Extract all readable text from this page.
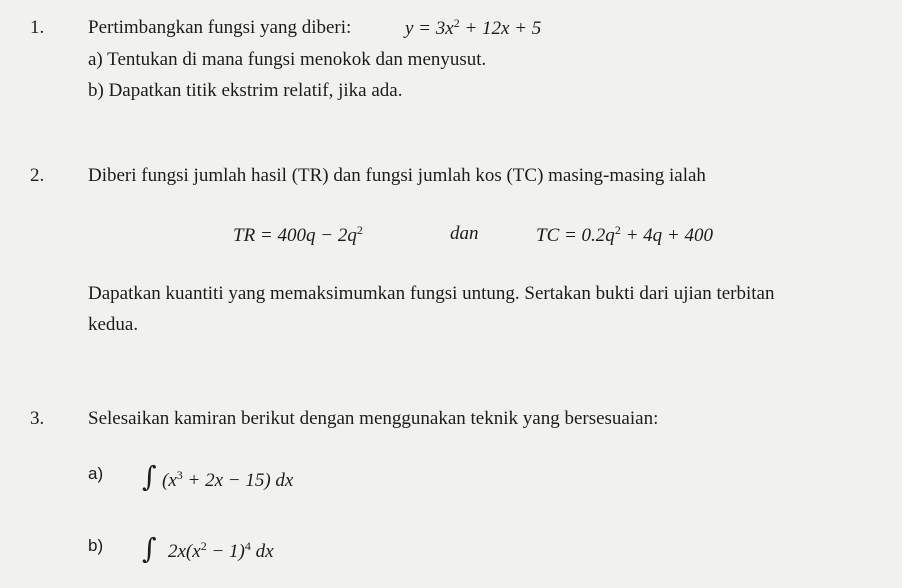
1. Pertimbangkan fungsi yang diberi:	$y = 3x^2 + 12x + 5$
a) Tentukan di mana fungsi menokok dan menyusut.
b) Dapatkan titik ekstrim relatif, jika ada.
2. Diberi fungsi jumlah hasil (TR) dan fungsi jumlah kos (TC) masing-masing ialah
TR = $400q - 2q^2$	dan	TC = $0.2q^2 + 4q + 400$
Dapatkan kuantiti yang memaksimumkan fungsi untung. Sertakan bukti dari ujian terbitan
kedua.
3. Selesaikan kamiran berikut dengan menggunakan teknik yang bersesuaian:
a) ∫ $(x^3 + 2x - 15)$ dx
b) ∫ $2x(x^2 - 1)^4$ dx
